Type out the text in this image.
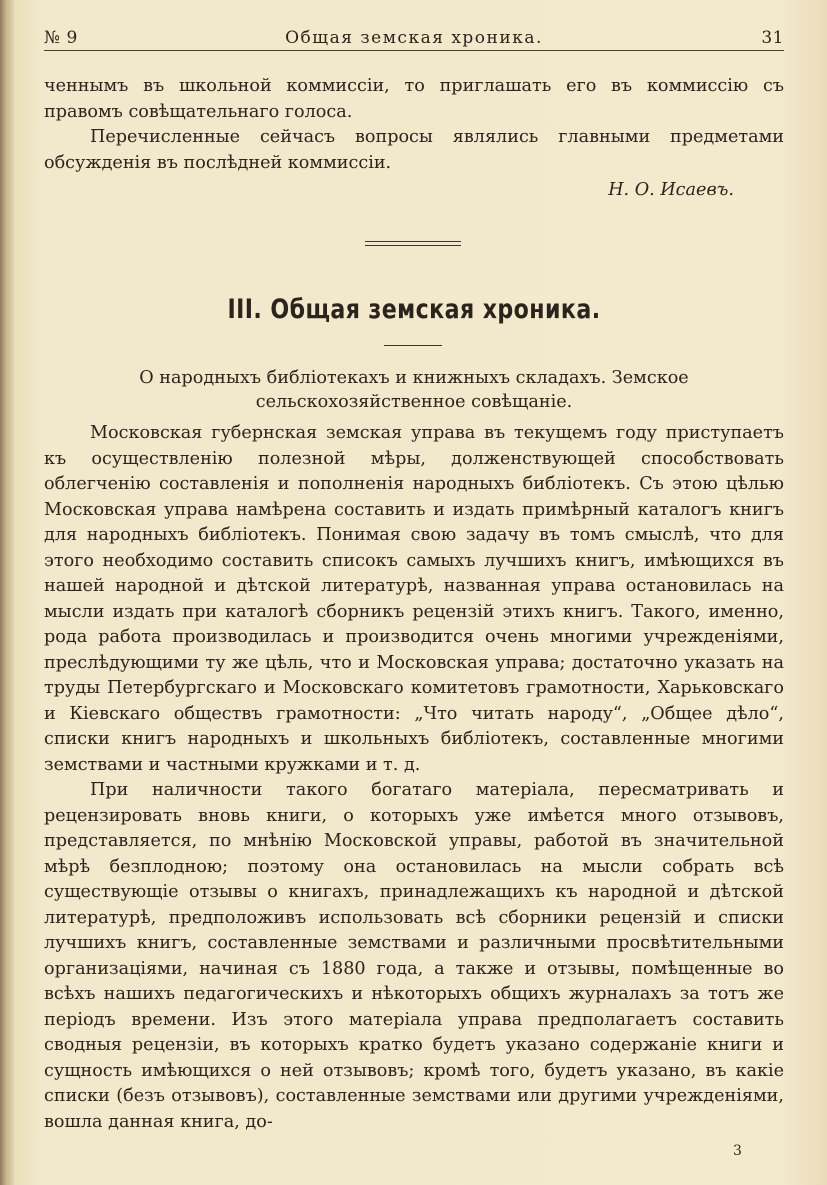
№ 9	Общая земская хроника.	31

ченнымъ въ школьной коммиссіи, то приглашать его въ коммиссію съ правомъ совѣщательнаго голоса.

Перечисленные сейчасъ вопросы являлись главными предметами обсужденія въ послѣдней коммиссіи.

Н. О. Исаевъ.
III. Общая земская хроника.
О народныхъ библіотекахъ и книжныхъ складахъ. Земское сельскохозяйственное совѣщаніе.

Московская губернская земская управа въ текущемъ году приступаетъ къ осуществленію полезной мѣры, долженствующей способствовать облегченію составленія и пополненія народныхъ библіотекъ. Съ этою цѣлью Московская управа намѣрена составить и издать примѣрный каталогъ книгъ для народныхъ библіотекъ. Понимая свою задачу въ томъ смыслѣ, что для этого необходимо составить списокъ самыхъ лучшихъ книгъ, имѣющихся въ нашей народной и дѣтской литературѣ, названная управа остановилась на мысли издать при каталогѣ сборникъ рецензій этихъ книгъ. Такого, именно, рода работа производилась и производится очень многими учрежденіями, преслѣдующими ту же цѣль, что и Московская управа; достаточно указать на труды Петербургскаго и Московскаго комитетовъ грамотности, Харьковскаго и Кіевскаго обществъ грамотности: „Что читать народу“, „Общее дѣло“, списки книгъ народныхъ и школьныхъ библіотекъ, составленные многими земствами и частными кружками и т. д.

При наличности такого богатаго матеріала, пересматривать и рецензировать вновь книги, о которыхъ уже имѣется много отзывовъ, представляется, по мнѣнію Московской управы, работой въ значительной мѣрѣ безплодною; поэтому она остановилась на мысли собрать всѣ существующіе отзывы о книгахъ, принадлежащихъ къ народной и дѣтской литературѣ, предположивъ использовать всѣ сборники рецензій и списки лучшихъ книгъ, составленные земствами и различными просвѣтительными организаціями, начиная съ 1880 года, а также и отзывы, помѣщенные во всѣхъ нашихъ педагогическихъ и нѣкоторыхъ общихъ журналахъ за тотъ же періодъ времени. Изъ этого матеріала управа предполагаетъ составить сводныя рецензіи, въ которыхъ кратко будетъ указано содержаніе книги и сущность имѣющихся о ней отзывовъ; кромѣ того, будетъ указано, въ какіе списки (безъ отзывовъ), составленные земствами или другими учрежденіями, вошла данная книга, до-

3
